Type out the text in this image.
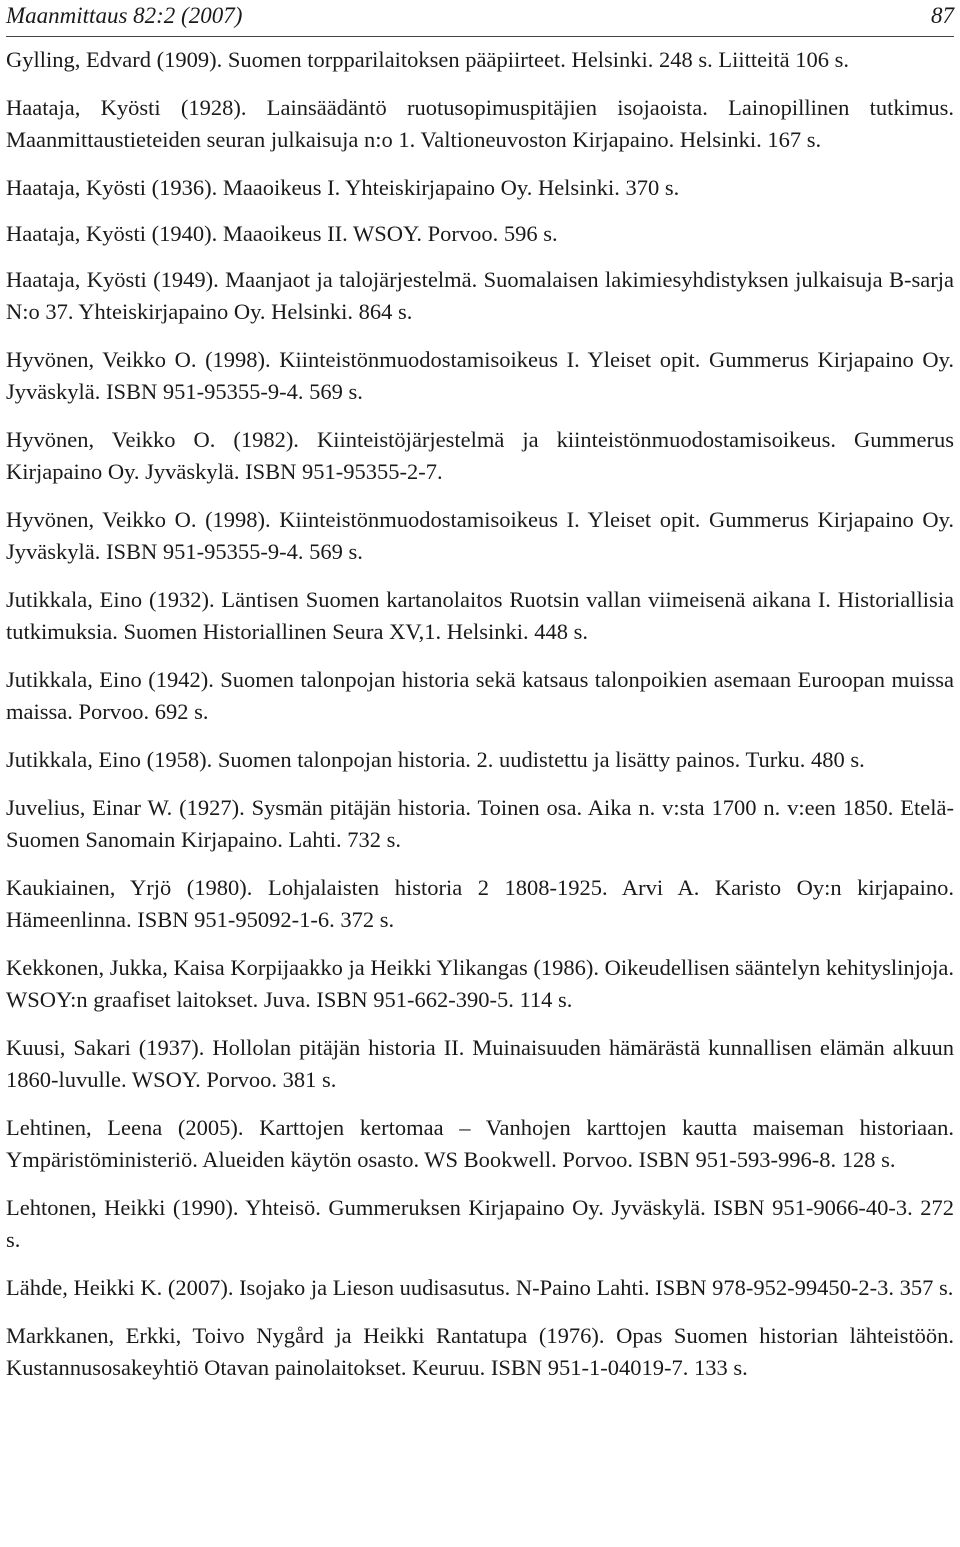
Maanmittaus 82:2 (2007)	87
Gylling, Edvard (1909). Suomen torpparilaitoksen pääpiirteet. Helsinki. 248 s. Liitteitä 106 s.
Haataja, Kyösti (1928). Lainsäädäntö ruotusopimuspitäjien isojaoista. Lainopillinen tutkimus. Maanmittaustieteiden seuran julkaisuja n:o 1. Valtioneuvoston Kirjapaino. Helsinki. 167 s.
Haataja, Kyösti (1936). Maaoikeus I. Yhteiskirjapaino Oy. Helsinki. 370 s.
Haataja, Kyösti (1940). Maaoikeus II. WSOY. Porvoo. 596 s.
Haataja, Kyösti (1949). Maanjaot ja talojärjestelmä. Suomalaisen lakimiesyhdistyksen julkaisuja B-sarja N:o 37. Yhteiskirjapaino Oy. Helsinki. 864 s.
Hyvönen, Veikko O. (1998). Kiinteistönmuodostamisoikeus I. Yleiset opit. Gummerus Kirjapaino Oy. Jyväskylä. ISBN 951-95355-9-4. 569 s.
Hyvönen, Veikko O. (1982). Kiinteistöjärjestelmä ja kiinteistönmuodostamisoikeus. Gummerus Kirjapaino Oy. Jyväskylä. ISBN 951-95355-2-7.
Hyvönen, Veikko O. (1998). Kiinteistönmuodostamisoikeus I. Yleiset opit. Gummerus Kirjapaino Oy. Jyväskylä. ISBN 951-95355-9-4. 569 s.
Jutikkala, Eino (1932). Läntisen Suomen kartanolaitos Ruotsin vallan viimeisenä aikana I. Historiallisia tutkimuksia. Suomen Historiallinen Seura XV,1. Helsinki. 448 s.
Jutikkala, Eino (1942). Suomen talonpojan historia sekä katsaus talonpoikien asemaan Euroopan muissa maissa. Porvoo. 692 s.
Jutikkala, Eino (1958). Suomen talonpojan historia. 2. uudistettu ja lisätty painos. Turku. 480 s.
Juvelius, Einar W. (1927). Sysmän pitäjän historia. Toinen osa. Aika n. v:sta 1700 n. v:een 1850. Etelä-Suomen Sanomain Kirjapaino. Lahti. 732 s.
Kaukiainen, Yrjö (1980). Lohjalaisten historia 2 1808-1925. Arvi A. Karisto Oy:n kirjapaino. Hämeenlinna. ISBN 951-95092-1-6. 372 s.
Kekkonen, Jukka, Kaisa Korpijaakko ja Heikki Ylikangas (1986). Oikeudellisen sääntelyn kehityslinjoja. WSOY:n graafiset laitokset. Juva. ISBN 951-662-390-5. 114 s.
Kuusi, Sakari (1937). Hollolan pitäjän historia II. Muinaisuuden hämärästä kunnallisen elämän alkuun 1860-luvulle. WSOY. Porvoo. 381 s.
Lehtinen, Leena (2005). Karttojen kertomaa – Vanhojen karttojen kautta maiseman historiaan. Ympäristöministeriö. Alueiden käytön osasto. WS Bookwell. Porvoo. ISBN 951-593-996-8. 128 s.
Lehtonen, Heikki (1990). Yhteisö. Gummeruksen Kirjapaino Oy. Jyväskylä. ISBN 951-9066-40-3. 272 s.
Lähde, Heikki K. (2007). Isojako ja Lieson uudisasutus. N-Paino Lahti. ISBN 978-952-99450-2-3. 357 s.
Markkanen, Erkki, Toivo Nygård ja Heikki Rantatupa (1976). Opas Suomen historian lähteistöön. Kustannusosakeyhtiö Otavan painolaitokset. Keuruu. ISBN 951-1-04019-7. 133 s.
